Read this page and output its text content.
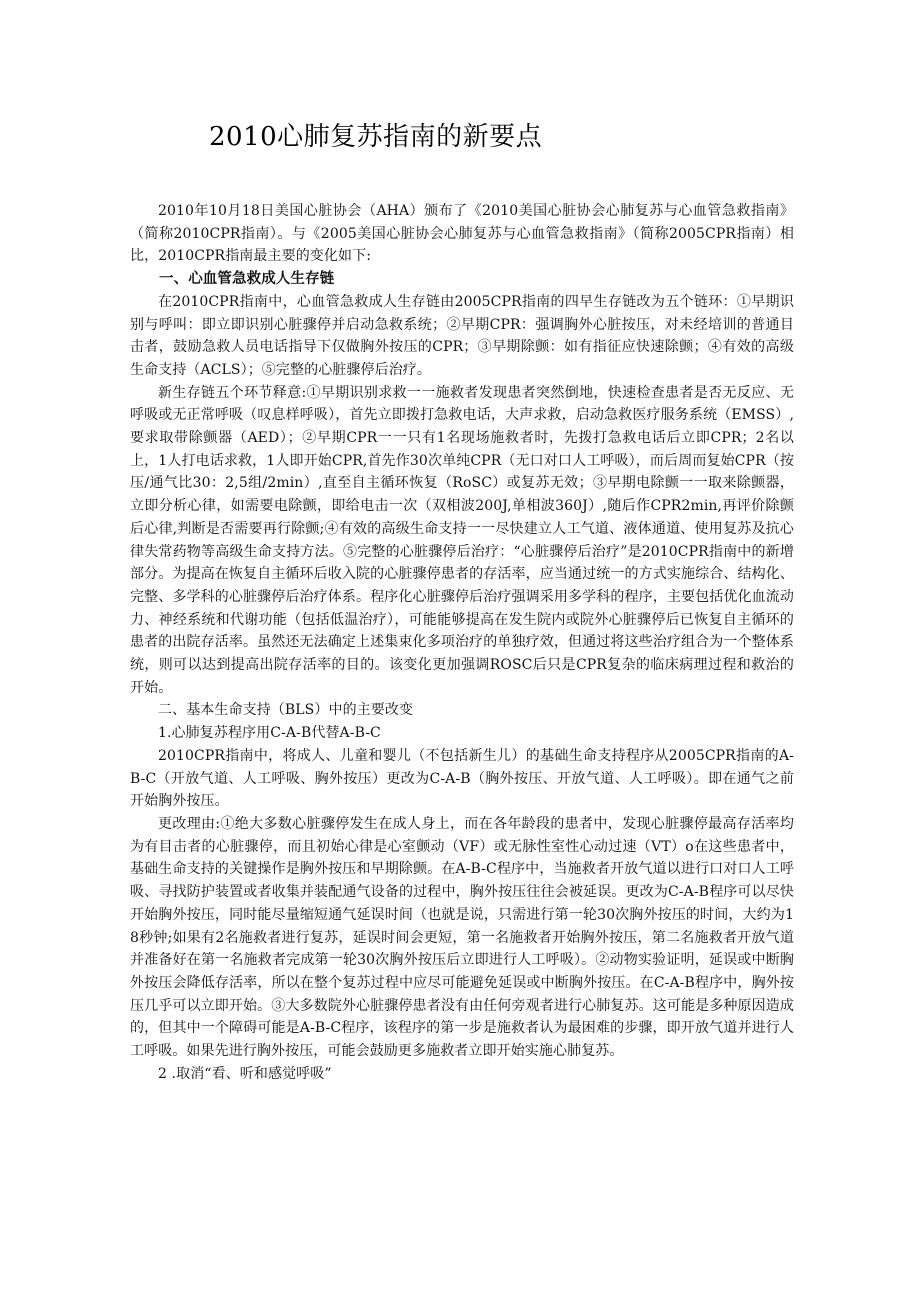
2010心肺复苏指南的新要点

2010年10月18日美国心脏协会（AHA）颁布了《2010美国心脏协会心肺复苏与心血管急救指南》（简称2010CPR指南）。与《2005美国心脏协会心肺复苏与心血管急救指南》（简称2005CPR指南）相比，2010CPR指南最主要的变化如下:

一、心血管急救成人生存链

在2010CPR指南中，心血管急救成人生存链由2005CPR指南的四早生存链改为五个链环：①早期识别与呼叫：即立即识别心脏骤停并启动急救系统；②早期CPR：强调胸外心脏按压，对未经培训的普通目击者，鼓励急救人员电话指导下仅做胸外按压的CPR；③早期除颤：如有指征应快速除颤；④有效的高级生命支持（ACLS）；⑤完整的心脏骤停后治疗。

新生存链五个环节释意:①早期识别求救一一施救者发现患者突然倒地，快速检查患者是否无反应、无呼吸或无正常呼吸（叹息样呼吸），首先立即拨打急救电话，大声求救，启动急救医疗服务系统（EMSS）,要求取带除颤器（AED）；②早期CPR一一只有1名现场施救者时，先拨打急救电话后立即CPR；2名以上，1人打电话求救，1人即开始CPR,首先作30次单纯CPR（无口对口人工呼吸），而后周而复始CPR（按压/通气比30：2,5组/2min）,直至自主循环恢复（RoSC）或复苏无效；③早期电除颤一一取来除颤器，立即分析心律，如需要电除颤，即给电击一次（双相波200J,单相波360J）,随后作CPR2min,再评价除颤后心律,判断是否需要再行除颤;④有效的高级生命支持一一尽快建立人工气道、液体通道、使用复苏及抗心律失常药物等高级生命支持方法。⑤完整的心脏骤停后治疗：“心脏骤停后治疗”是2010CPR指南中的新增部分。为提高在恢复自主循环后收入院的心脏骤停患者的存活率，应当通过统一的方式实施综合、结构化、完整、多学科的心脏骤停后治疗体系。程序化心脏骤停后治疗强调采用多学科的程序，主要包括优化血流动力、神经系统和代谢功能（包括低温治疗），可能能够提高在发生院内或院外心脏骤停后已恢复自主循环的患者的出院存活率。虽然还无法确定上述集束化多项治疗的单独疗效，但通过将这些治疗组合为一个整体系统，则可以达到提高出院存活率的目的。该变化更加强调ROSC后只是CPR复杂的临床病理过程和救治的开始。

二、基本生命支持（BLS）中的主要改变

1.心肺复苏程序用C-A-B代替A-B-C

2010CPR指南中，将成人、儿童和婴儿（不包括新生儿）的基础生命支持程序从2005CPR指南的A-B-C（开放气道、人工呼吸、胸外按压）更改为C-A-B（胸外按压、开放气道、人工呼吸）。即在通气之前开始胸外按压。

更改理由:①绝大多数心脏骤停发生在成人身上，而在各年龄段的患者中，发现心脏骤停最高存活率均为有目击者的心脏骤停，而且初始心律是心室颤动（VF）或无脉性室性心动过速（VT）o在这些患者中，基础生命支持的关键操作是胸外按压和早期除颤。在A-B-C程序中，当施救者开放气道以进行口对口人工呼吸、寻找防护装置或者收集并装配通气设备的过程中，胸外按压往往会被延误。更改为C-A-B程序可以尽快开始胸外按压，同时能尽量缩短通气延误时间（也就是说，只需进行第一轮30次胸外按压的时间，大约为18秒钟;如果有2名施救者进行复苏，延误时间会更短，第一名施救者开始胸外按压，第二名施救者开放气道并准备好在第一名施救者完成第一轮30次胸外按压后立即进行人工呼吸）。②动物实验证明，延误或中断胸外按压会降低存活率，所以在整个复苏过程中应尽可能避免延误或中断胸外按压。在C-A-B程序中，胸外按压几乎可以立即开始。③大多数院外心脏骤停患者没有由任何旁观者进行心肺复苏。这可能是多种原因造成的，但其中一个障碍可能是A-B-C程序，该程序的第一步是施救者认为最困难的步骤，即开放气道并进行人工呼吸。如果先进行胸外按压，可能会鼓励更多施救者立即开始实施心肺复苏。

2 .取消“看、听和感觉呼吸”
